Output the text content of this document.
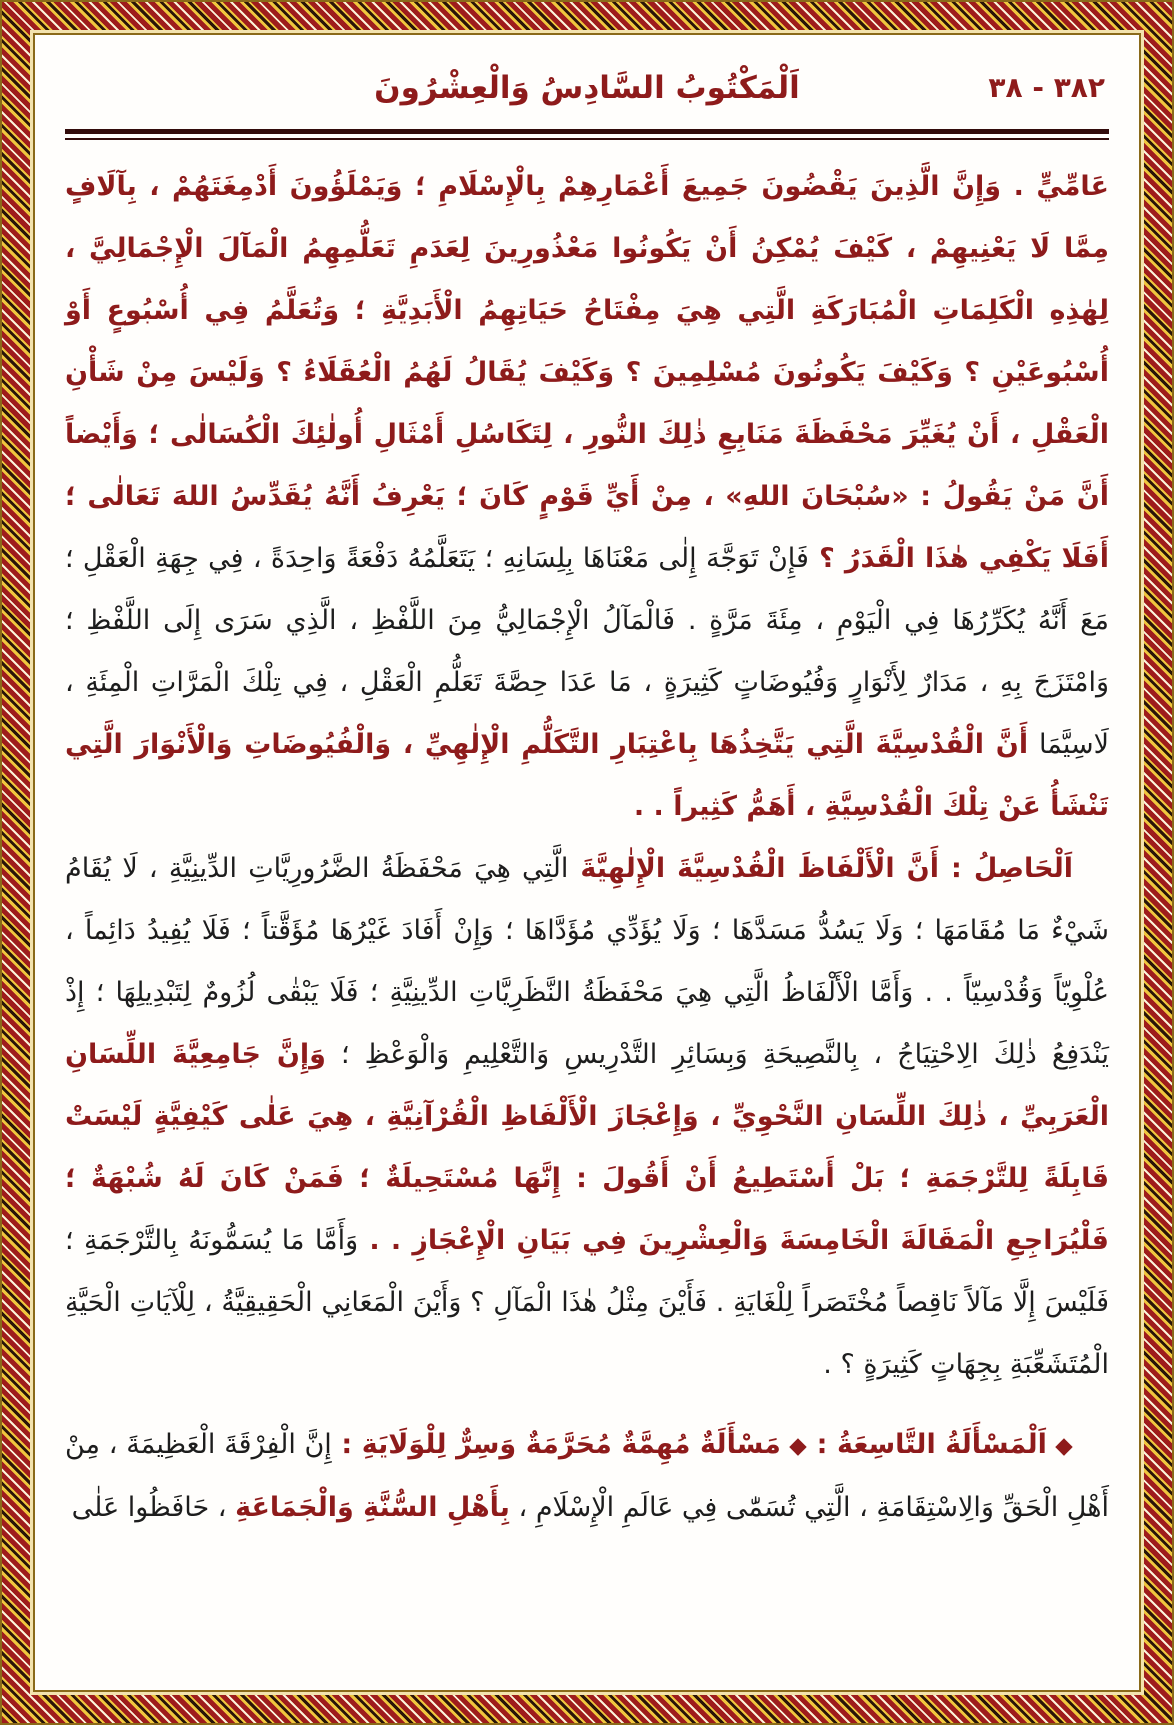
٣٨٢ - ٣٨
اَلْمَكْتُوبُ السَّادِسُ وَالْعِشْرُونَ

عَامِّيٍّ . وَإِنَّ الَّذِينَ يَقْضُونَ جَمِيعَ أَعْمَارِهِمْ بِالْإِسْلَامِ ؛ وَيَمْلَؤُونَ أَدْمِغَتَهُمْ ، بِآلَافٍ مِمَّا لَا يَعْنِيهِمْ ، كَيْفَ يُمْكِنُ أَنْ يَكُونُوا مَعْذُورِينَ لِعَدَمِ تَعَلُّمِهِمُ الْمَآلَ الْإِجْمَالِيَّ ، لِهٰذِهِ الْكَلِمَاتِ الْمُبَارَكَةِ الَّتِي هِيَ مِفْتَاحُ حَيَاتِهِمُ الْأَبَدِيَّةِ ؛ وَتُعَلَّمُ فِي أُسْبُوعٍ أَوْ أُسْبُوعَيْنِ ؟ وَكَيْفَ يَكُونُونَ مُسْلِمِينَ ؟ وَكَيْفَ يُقَالُ لَهُمُ الْعُقَلَاءُ ؟ وَلَيْسَ مِنْ شَأْنِ الْعَقْلِ ، أَنْ يُغَيِّرَ مَحْفَظَةَ مَنَابِعِ ذٰلِكَ النُّورِ ، لِتَكَاسُلِ أَمْثَالِ أُولٰئِكَ الْكُسَالٰى ؛ وَأَيْضاً أَنَّ مَنْ يَقُولُ : «سُبْحَانَ اللهِ» ، مِنْ أَيِّ قَوْمٍ كَانَ ؛ يَعْرِفُ أَنَّهُ يُقَدِّسُ اللهَ تَعَالٰى ؛ أَفَلَا يَكْفِي هٰذَا الْقَدَرُ ؟ فَإِنْ تَوَجَّهَ إِلٰى مَعْنَاهَا بِلِسَانِهِ ؛ يَتَعَلَّمُهُ دَفْعَةً وَاحِدَةً ، فِي جِهَةِ الْعَقْلِ ؛ مَعَ أَنَّهُ يُكَرِّرُهَا فِي الْيَوْمِ ، مِئَةَ مَرَّةٍ . فَالْمَآلُ الْإِجْمَالِيُّ مِنَ اللَّفْظِ ، الَّذِي سَرَى إِلَى اللَّفْظِ ؛ وَامْتَزَجَ بِهِ ، مَدَارٌ لِأَنْوَارٍ وَفُيُوضَاتٍ كَثِيرَةٍ ، مَا عَدَا حِصَّةَ تَعَلُّمِ الْعَقْلِ ، فِي تِلْكَ الْمَرَّاتِ الْمِئَةِ ، لَاسِيَّمَا أَنَّ الْقُدْسِيَّةَ الَّتِي يَتَّخِذُهَا بِاعْتِبَارِ التَّكَلُّمِ الْإِلٰهِيِّ ، وَالْفُيُوضَاتِ وَالْأَنْوَارَ الَّتِي تَنْشَأُ عَنْ تِلْكَ الْقُدْسِيَّةِ ، أَهَمُّ كَثِيراً . .

اَلْحَاصِلُ : أَنَّ الْأَلْفَاظَ الْقُدْسِيَّةَ الْإِلٰهِيَّةَ الَّتِي هِيَ مَحْفَظَةُ الضَّرُورِيَّاتِ الدِّينِيَّةِ ، لَا يُقَامُ شَيْءٌ مَا مُقَامَهَا ؛ وَلَا يَسُدُّ مَسَدَّهَا ؛ وَلَا يُؤَدِّي مُؤَدَّاهَا ؛ وَإِنْ أَفَادَ غَيْرُهَا مُؤَقَّتاً ؛ فَلَا يُفِيدُ دَائِماً ، عُلْوِيّاً وَقُدْسِيّاً . . وَأَمَّا الْأَلْفَاظُ الَّتِي هِيَ مَحْفَظَةُ النَّظَرِيَّاتِ الدِّينِيَّةِ ؛ فَلَا يَبْقٰى لُزُومٌ لِتَبْدِيلِهَا ؛ إِذْ يَنْدَفِعُ ذٰلِكَ الِاحْتِيَاجُ ، بِالنَّصِيحَةِ وَبِسَائِرِ التَّدْرِيسِ وَالتَّعْلِيمِ وَالْوَعْظِ ؛ وَإِنَّ جَامِعِيَّةَ اللِّسَانِ الْعَرَبِيِّ ، ذٰلِكَ اللِّسَانِ النَّحْوِيِّ ، وَإِعْجَازَ الْأَلْفَاظِ الْقُرْآنِيَّةِ ، هِيَ عَلٰى كَيْفِيَّةٍ لَيْسَتْ قَابِلَةً لِلتَّرْجَمَةِ ؛ بَلْ أَسْتَطِيعُ أَنْ أَقُولَ : إِنَّهَا مُسْتَحِيلَةٌ ؛ فَمَنْ كَانَ لَهُ شُبْهَةٌ ؛ فَلْيُرَاجِعِ الْمَقَالَةَ الْخَامِسَةَ وَالْعِشْرِينَ فِي بَيَانِ الْإِعْجَازِ . . وَأَمَّا مَا يُسَمُّونَهُ بِالتَّرْجَمَةِ ؛ فَلَيْسَ إِلَّا مَآلاً نَاقِصاً مُخْتَصَراً لِلْغَايَةِ . فَأَيْنَ مِثْلُ هٰذَا الْمَآلِ ؟ وَأَيْنَ الْمَعَانِي الْحَقِيقِيَّةُ ، لِلْآيَاتِ الْحَيَّةِ الْمُتَشَعِّبَةِ بِجِهَاتٍ كَثِيرَةٍ ؟ .

◆ اَلْمَسْأَلَةُ التَّاسِعَةُ : ◆ مَسْأَلَةٌ مُهِمَّةٌ مُحَرَّمَةٌ وَسِرٌّ لِلْوَلَايَةِ : إِنَّ الْفِرْقَةَ الْعَظِيمَةَ ، مِنْ أَهْلِ الْحَقِّ وَالِاسْتِقَامَةِ ، الَّتِي تُسَمّٰى فِي عَالَمِ الْإِسْلَامِ ، بِأَهْلِ السُّنَّةِ وَالْجَمَاعَةِ ، حَافَظُوا عَلٰى
